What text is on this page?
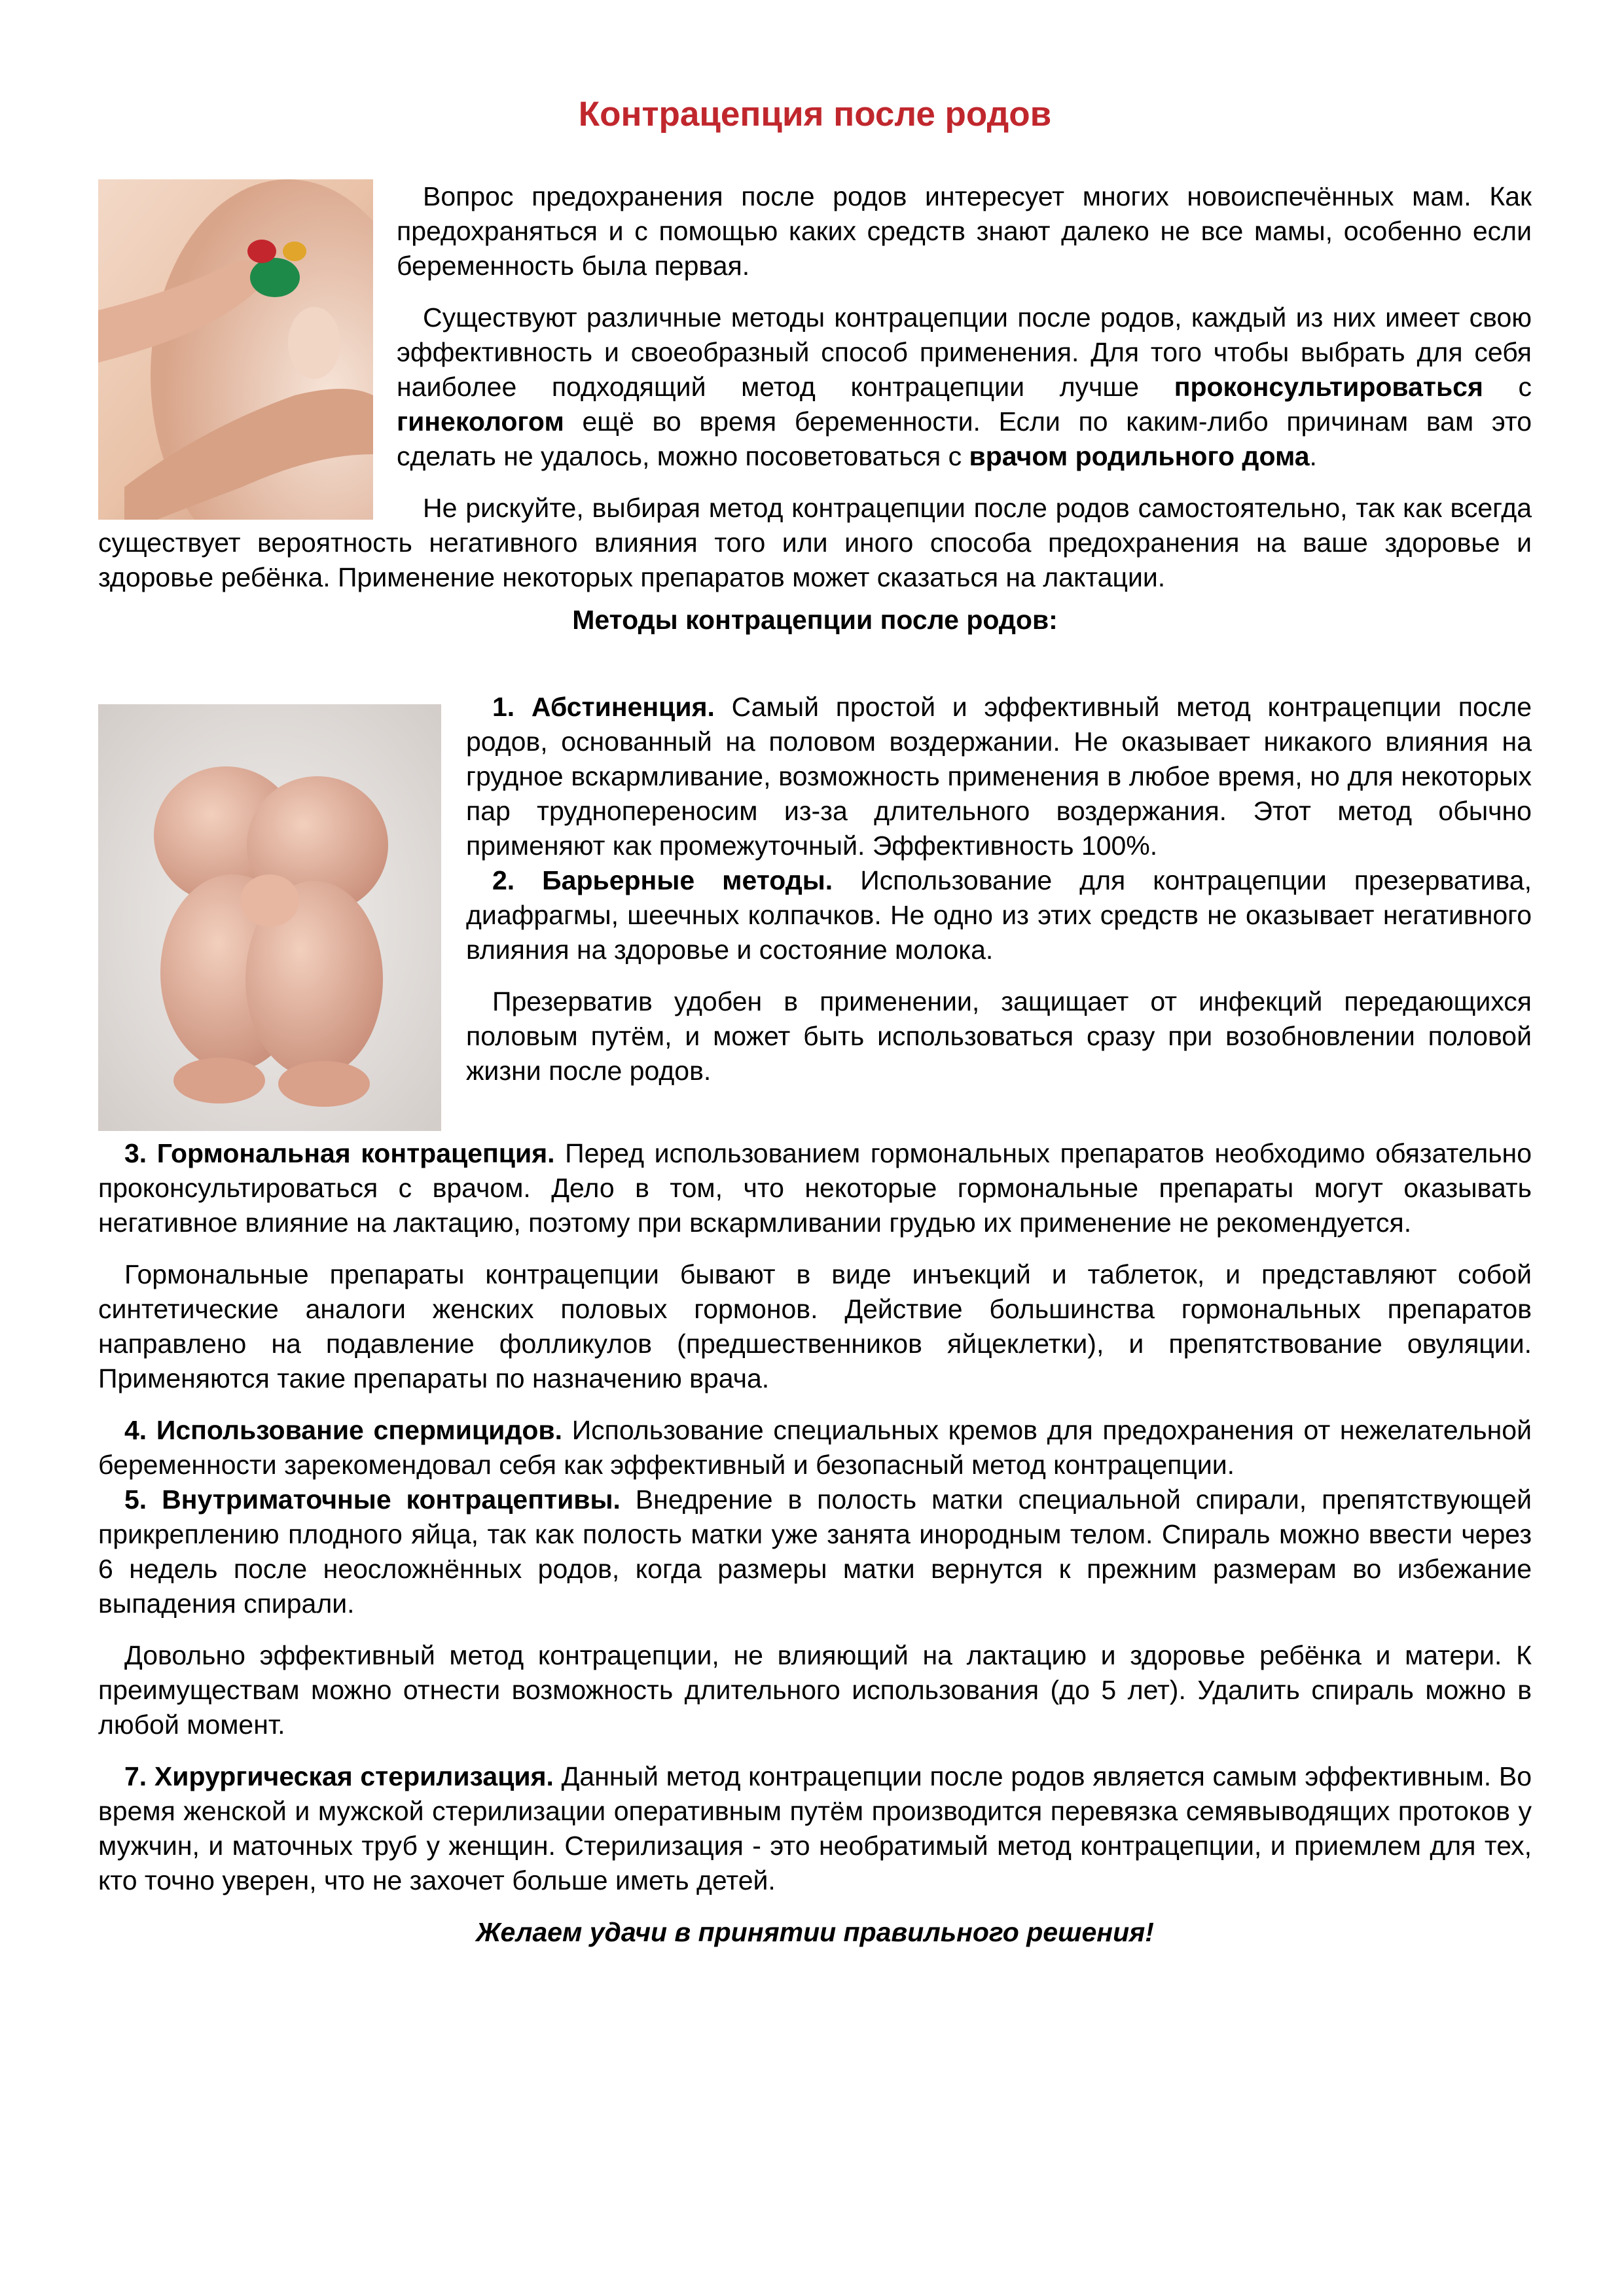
Контрацепция после родов

Вопрос предохранения после родов интересует многих новоиспечённых мам. Как предохраняться и с помощью каких средств знают далеко не все мамы, особенно если беременность была первая.

Существуют различные методы контрацепции после родов, каждый из них имеет свою эффективность и своеобразный способ применения. Для того чтобы выбрать для себя наиболее подходящий метод контрацепции лучше проконсультироваться с гинекологом ещё во время беременности. Если по каким-либо причинам вам это сделать не удалось, можно посоветоваться с врачом родильного дома.

Не рискуйте, выбирая метод контрацепции после родов самостоятельно, так как всегда существует вероятность негативного влияния того или иного способа предохранения на ваше здоровье и здоровье ребёнка. Применение некоторых препаратов может сказаться на лактации.

Методы контрацепции после родов:

1. Абстиненция. Самый простой и эффективный метод контрацепции после родов, основанный на половом воздержании. Не оказывает никакого влияния на грудное вскармливание, возможность применения в любое время, но для некоторых пар труднопереносим из-за длительного воздержания. Этот метод обычно применяют как промежуточный. Эффективность 100%.

2. Барьерные методы. Использование для контрацепции презерватива, диафрагмы, шеечных колпачков. Не одно из этих средств не оказывает негативного влияния на здоровье и состояние молока.

Презерватив удобен в применении, защищает от инфекций передающихся половым путём, и может быть использоваться сразу при возобновлении половой жизни после родов.

3. Гормональная контрацепция. Перед использованием гормональных препаратов необходимо обязательно проконсультироваться с врачом. Дело в том, что некоторые гормональные препараты могут оказывать негативное влияние на лактацию, поэтому при вскармливании грудью их применение не рекомендуется.

Гормональные препараты контрацепции бывают в виде инъекций и таблеток, и представляют собой синтетические аналоги женских половых гормонов. Действие большинства гормональных препаратов направлено на подавление фолликулов (предшественников яйцеклетки), и препятствование овуляции. Применяются такие препараты по назначению врача.

4. Использование спермицидов. Использование специальных кремов для предохранения от нежелательной беременности зарекомендовал себя как эффективный и безопасный метод контрацепции.

5. Внутриматочные контрацептивы. Внедрение в полость матки специальной спирали, препятствующей прикреплению плодного яйца, так как полость матки уже занята инородным телом. Спираль можно ввести через 6 недель после неосложнённых родов, когда размеры матки вернутся к прежним размерам во избежание выпадения спирали.

Довольно эффективный метод контрацепции, не влияющий на лактацию и здоровье ребёнка и матери. К преимуществам можно отнести возможность длительного использования (до 5 лет). Удалить спираль можно в любой момент.

7. Хирургическая стерилизация. Данный метод контрацепции после родов является самым эффективным. Во время женской и мужской стерилизации оперативным путём производится перевязка семявыводящих протоков у мужчин, и маточных труб у женщин. Стерилизация - это необратимый метод контрацепции, и приемлем для тех, кто точно уверен, что не захочет больше иметь детей.

Желаем удачи в принятии правильного решения!
